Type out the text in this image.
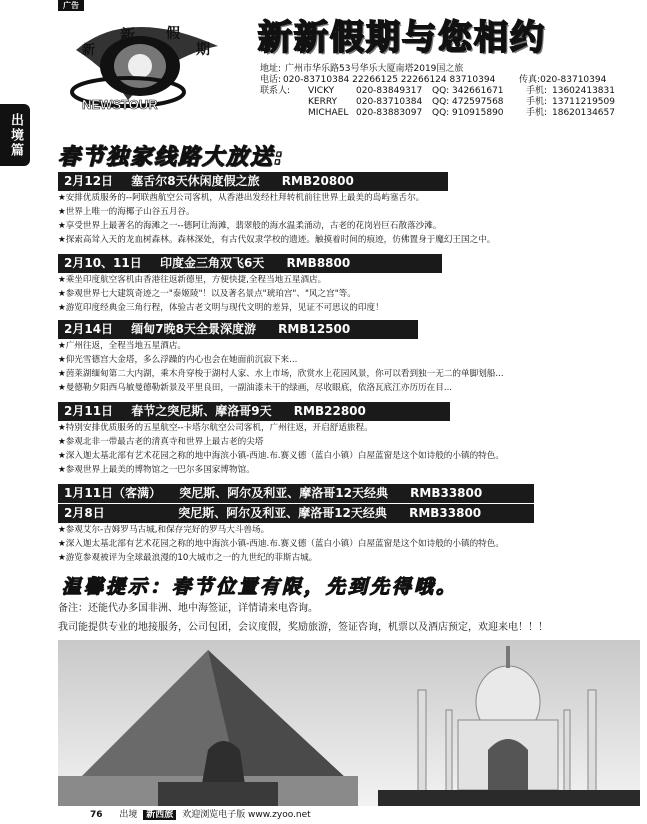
广告
出境篇
新
新 假
期
NEWSTOUR
新新假期与您相约
地址: 广州市华乐路53号华乐大厦南塔2019国之旅
电话: 020-83710384 22266125 22266124 83710394	传真: 020-83710394
联系人:	VICKY	020-83849317	QQ: 342661671	手机: 13602413831
KERRY	020-83710384	QQ: 472597568	手机: 13711219509
MICHAEL 020-83883097	QQ: 910915890	手机: 18620134657
春节独家线路大放送:
2月12日 塞舌尔8天休闲度假之旅 RMB20800
★安排优质服务的--阿联酋航空公司客机，从香港出发经杜拜转机前往世界上最美的岛屿塞舌尔。
★世界上唯一的海椰子山谷五月谷。
★享受世界上最著名的海滩之一--德阿让海滩，翡翠般的海水温柔涌动，古老的花岗岩巨石散落沙滩。
★探索高耸入天的龙血树森林。森林深处，有古代奴隶学校的遗迹。触摸着时间的痕迹，仿佛置身于魔幻王国之中。
2月10、11日 印度金三角双飞6天 RMB8800
★乘坐印度航空客机由香港往返新德里，方便快捷,全程当地五星酒店。
★参观世界七大建筑奇迹之一"泰姬陵"！以及著名景点"琥珀宫"、"风之宫"等。
★游览印度经典金三角行程，体验古老文明与现代文明的差异，见证不可思议的印度！
2月14日 缅甸7晚8天全景深度游 RMB12500
★广州往返，全程当地五星酒店。
★仰光雪德宫大金塔，多么浮躁的内心也会在她面前沉寂下来...
★茵莱湖缅甸第二大内湖，乘木舟穿梭于湖村人家、水上市场，欣赏水上花园风景，你可以看到独一无二的单脚划船...
★曼德勒夕阳西乌敏曼德勒新景及平里良田，一副油漆未干的绿画，尽收眼底，依洛瓦底江亦历历在目...
2月11日 春节之突尼斯、摩洛哥9天 RMB22800
★特别安排优质服务的五星航空--卡塔尔航空公司客机，广州往返，开启舒适旅程。
★参观北非一带最古老的清真寺和世界上最古老的尖塔
★深入迦太基北部有艺术花园之称的地中海滨小镇-西迪.布.赛义德（蓝白小镇）白屋蓝窗是这个如诗般的小镇的特色。
★参观世界上最美的博物馆之一巴尔多国家博物馆。
1月11日（客满） 突尼斯、阿尔及利亚、摩洛哥12天经典 RMB33800
2月8日	突尼斯、阿尔及利亚、摩洛哥12天经典 RMB33800
★参观艾尔-吉姆罗马古城,和保存完好的罗马大斗兽场。
★深入迦太基北部有艺术花园之称的地中海滨小镇-西迪.布.赛义德（蓝白小镇）白屋蓝窗是这个如诗般的小镇的特色。
★游览参观被评为全球最浪漫的10大城市之一的九世纪的菲斯古城。
温馨提示：春节位置有限，先到先得哦。
备注：还能代办多国非洲、地中海签证，详情请来电咨询。
我司能提供专业的地接服务，公司包团，会议度假，奖励旅游，签证咨询，机票以及酒店预定，欢迎来电！！！
76 出境 新西旅 欢迎浏览电子版 www.zyoo.net
